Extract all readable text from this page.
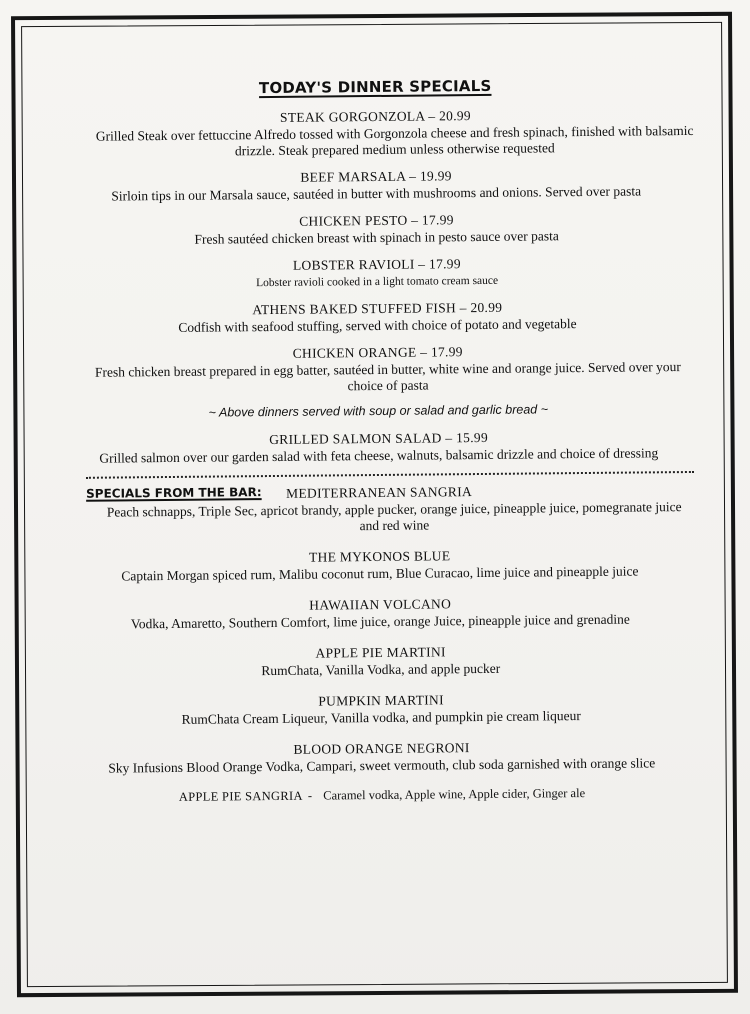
TODAY'S DINNER SPECIALS
STEAK GORGONZOLA – 20.99
Grilled Steak over fettuccine Alfredo tossed with Gorgonzola cheese and fresh spinach, finished with balsamic drizzle. Steak prepared medium unless otherwise requested
BEEF MARSALA – 19.99
Sirloin tips in our Marsala sauce, sautéed in butter with mushrooms and onions. Served over pasta
CHICKEN PESTO – 17.99
Fresh sautéed chicken breast with spinach in pesto sauce over pasta
LOBSTER RAVIOLI – 17.99
Lobster ravioli cooked in a light tomato cream sauce
ATHENS BAKED STUFFED FISH – 20.99
Codfish with seafood stuffing, served with choice of potato and vegetable
CHICKEN ORANGE – 17.99
Fresh chicken breast prepared in egg batter, sautéed in butter, white wine and orange juice. Served over your choice of pasta
~ Above dinners served with soup or salad and garlic bread ~
GRILLED SALMON SALAD – 15.99
Grilled salmon over our garden salad with feta cheese, walnuts, balsamic drizzle and choice of dressing
SPECIALS FROM THE BAR:	MEDITERRANEAN SANGRIA
Peach schnapps, Triple Sec, apricot brandy, apple pucker, orange juice, pineapple juice, pomegranate juice and red wine
THE MYKONOS BLUE
Captain Morgan spiced rum, Malibu coconut rum, Blue Curacao, lime juice and pineapple juice
HAWAIIAN VOLCANO
Vodka, Amaretto, Southern Comfort, lime juice, orange Juice, pineapple juice and grenadine
APPLE PIE MARTINI
RumChata, Vanilla Vodka, and apple pucker
PUMPKIN MARTINI
RumChata Cream Liqueur, Vanilla vodka, and pumpkin pie cream liqueur
BLOOD ORANGE NEGRONI
Sky Infusions Blood Orange Vodka, Campari, sweet vermouth, club soda garnished with orange slice
APPLE PIE SANGRIA - Caramel vodka, Apple wine, Apple cider, Ginger ale
